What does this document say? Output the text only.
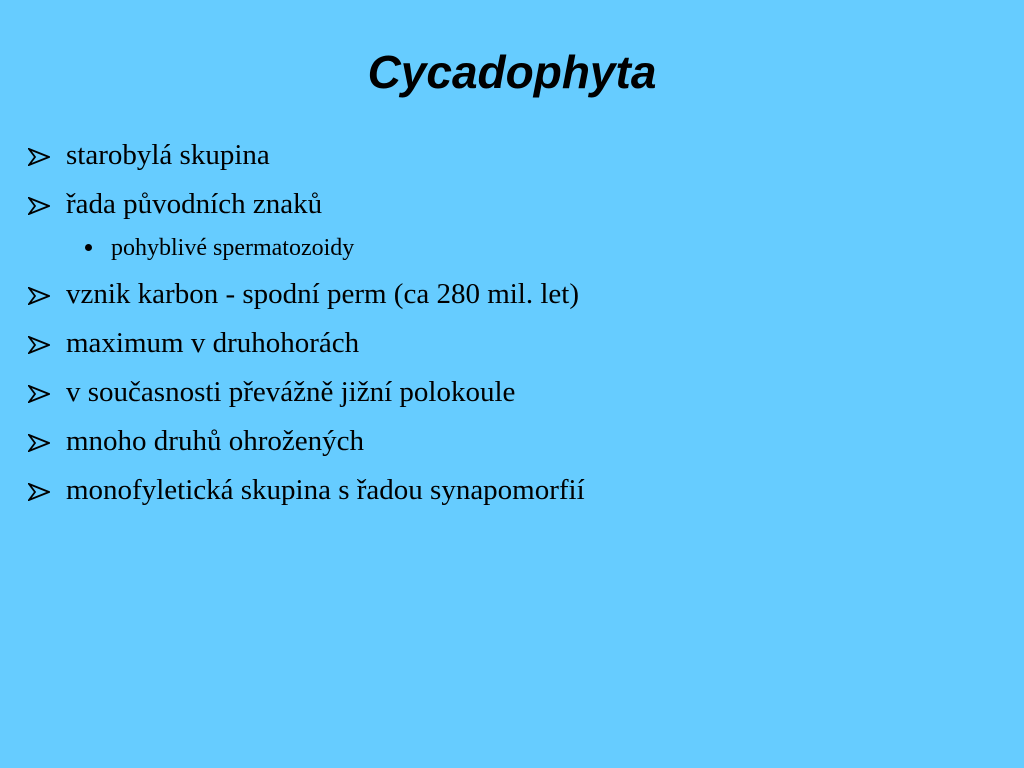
Cycadophyta
starobylá skupina
řada původních znaků
pohyblivé spermatozoidy
vznik karbon - spodní perm (ca 280 mil. let)
maximum v druhohorách
v současnosti převážně jižní polokoule
mnoho druhů ohrožených
monofyletická skupina s řadou synapomorfií
